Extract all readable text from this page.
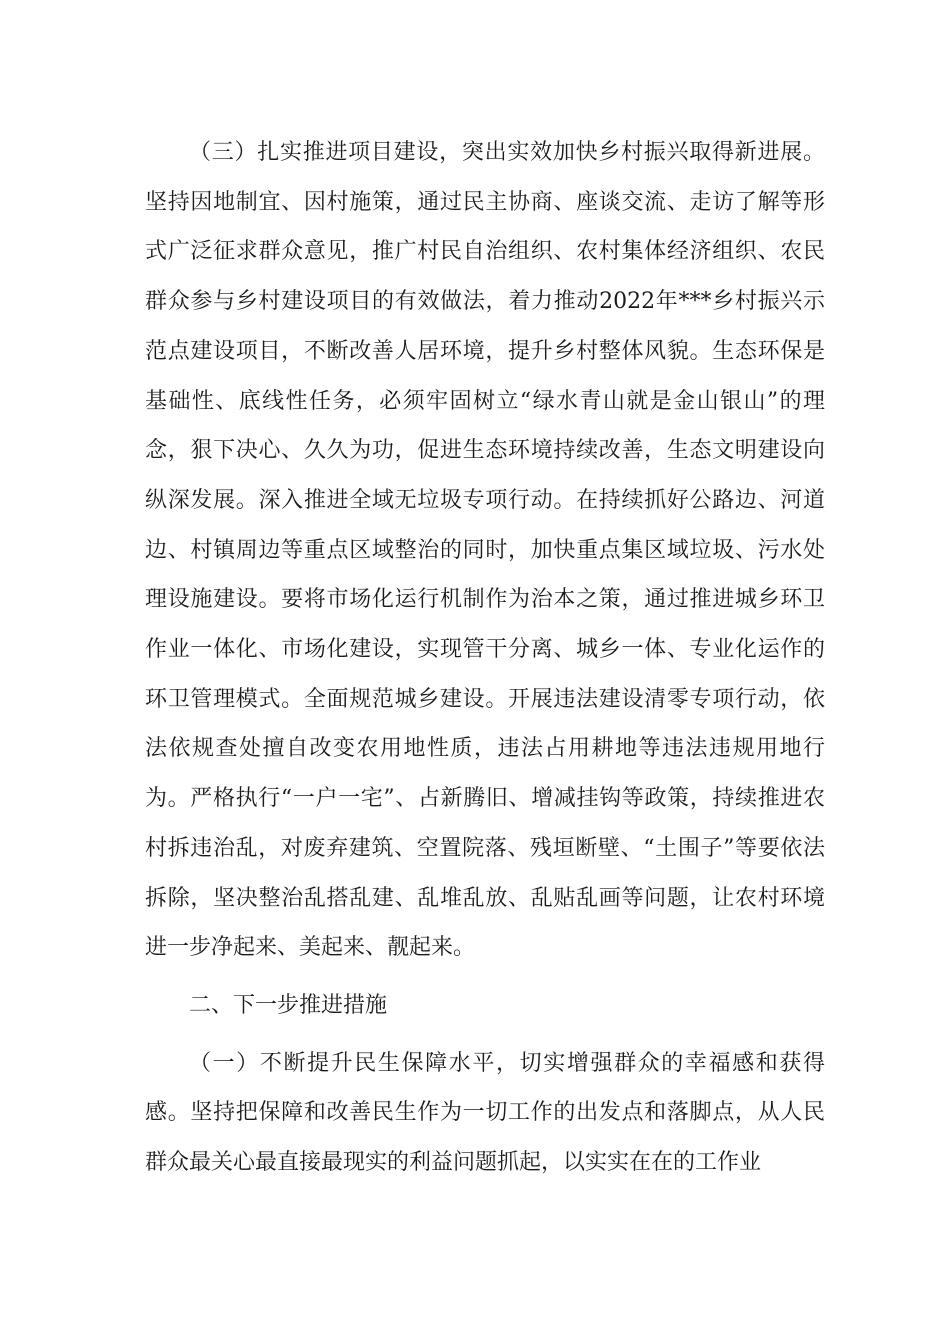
（三）扎实推进项目建设，突出实效加快乡村振兴取得新进展。坚持因地制宜、因村施策，通过民主协商、座谈交流、走访了解等形式广泛征求群众意见，推广村民自治组织、农村集体经济组织、农民群众参与乡村建设项目的有效做法，着力推动2022年***乡村振兴示范点建设项目，不断改善人居环境，提升乡村整体风貌。生态环保是基础性、底线性任务，必须牢固树立“绿水青山就是金山银山”的理念，狠下决心、久久为功，促进生态环境持续改善，生态文明建设向纵深发展。深入推进全域无垃圾专项行动。在持续抓好公路边、河道边、村镇周边等重点区域整治的同时，加快重点集区域垃圾、污水处理设施建设。要将市场化运行机制作为治本之策，通过推进城乡环卫作业一体化、市场化建设，实现管干分离、城乡一体、专业化运作的环卫管理模式。全面规范城乡建设。开展违法建设清零专项行动，依法依规查处擅自改变农用地性质，违法占用耕地等违法违规用地行为。严格执行“一户一宅”、占新腾旧、增减挂钩等政策，持续推进农村拆违治乱，对废弃建筑、空置院落、残垣断壁、“土围子”等要依法拆除，坚决整治乱搭乱建、乱堆乱放、乱贴乱画等问题，让农村环境进一步净起来、美起来、靓起来。

二、下一步推进措施

（一）不断提升民生保障水平，切实增强群众的幸福感和获得感。坚持把保障和改善民生作为一切工作的出发点和落脚点，从人民群众最关心最直接最现实的利益问题抓起，以实实在在的工作业
